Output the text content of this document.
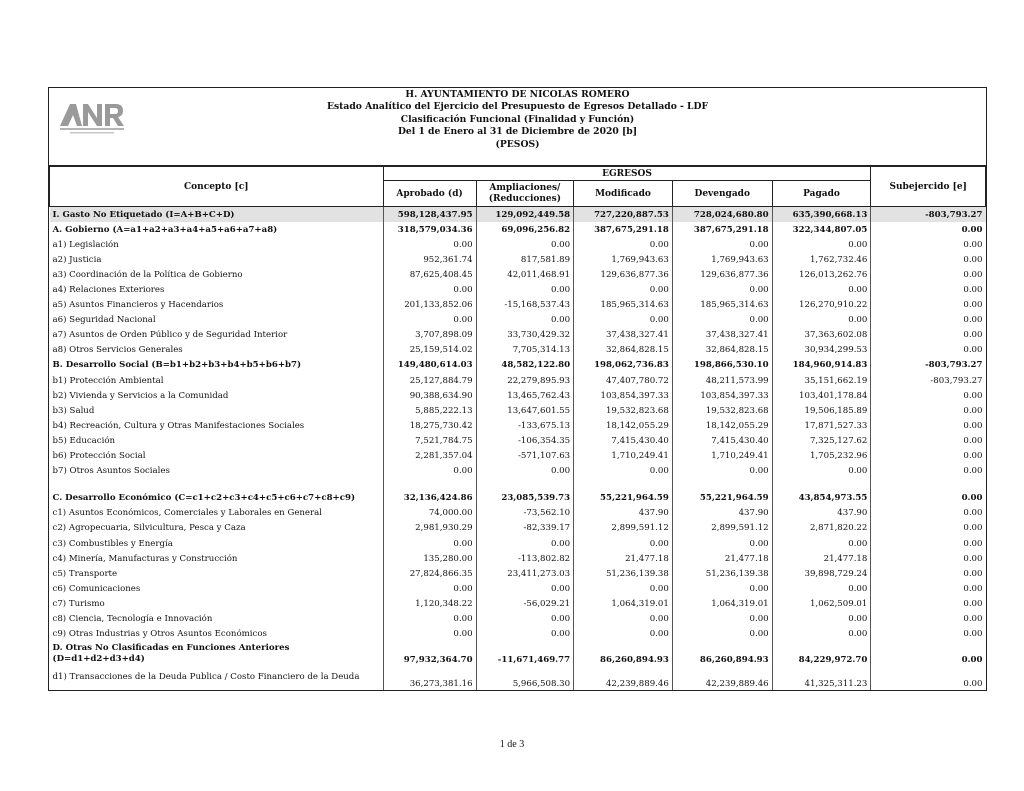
H. AYUNTAMIENTO DE NICOLAS ROMERO
Estado Analítico del Ejercicio del Presupuesto de Egresos Detallado - LDF
Clasificación Funcional (Finalidad y Función)
Del 1 de Enero al 31 de Diciembre de 2020 [b]
(PESOS)
Concepto [c]	EGRESOS					Subejercido [e]
	Aprobado (d)	Ampliaciones/ (Reducciones)	Modificado	Devengado	Pagado	
I. Gasto No Etiquetado (I=A+B+C+D)	598,128,437.95	129,092,449.58	727,220,887.53	728,024,680.80	635,390,668.13	-803,793.27
A. Gobierno (A=a1+a2+a3+a4+a5+a6+a7+a8)	318,579,034.36	69,096,256.82	387,675,291.18	387,675,291.18	322,344,807.05	0.00
a1) Legislación	0.00	0.00	0.00	0.00	0.00	0.00
a2) Justicia	952,361.74	817,581.89	1,769,943.63	1,769,943.63	1,762,732.46	0.00
a3) Coordinación de la Política de Gobierno	87,625,408.45	42,011,468.91	129,636,877.36	129,636,877.36	126,013,262.76	0.00
a4) Relaciones Exteriores	0.00	0.00	0.00	0.00	0.00	0.00
a5) Asuntos Financieros y Hacendarios	201,133,852.06	-15,168,537.43	185,965,314.63	185,965,314.63	126,270,910.22	0.00
a6) Seguridad Nacional	0.00	0.00	0.00	0.00	0.00	0.00
a7) Asuntos de Orden Público y de Seguridad Interior	3,707,898.09	33,730,429.32	37,438,327.41	37,438,327.41	37,363,602.08	0.00
a8) Otros Servicios Generales	25,159,514.02	7,705,314.13	32,864,828.15	32,864,828.15	30,934,299.53	0.00
B. Desarrollo Social (B=b1+b2+b3+b4+b5+b6+b7)	149,480,614.03	48,582,122.80	198,062,736.83	198,866,530.10	184,960,914.83	-803,793.27
b1) Protección Ambiental	25,127,884.79	22,279,895.93	47,407,780.72	48,211,573.99	35,151,662.19	-803,793.27
b2) Vivienda y Servicios a la Comunidad	90,388,634.90	13,465,762.43	103,854,397.33	103,854,397.33	103,401,178.84	0.00
b3) Salud	5,885,222.13	13,647,601.55	19,532,823.68	19,532,823.68	19,506,185.89	0.00
b4) Recreación, Cultura y Otras Manifestaciones Sociales	18,275,730.42	-133,675.13	18,142,055.29	18,142,055.29	17,871,527.33	0.00
b5) Educación	7,521,784.75	-106,354.35	7,415,430.40	7,415,430.40	7,325,127.62	0.00
b6) Protección Social	2,281,357.04	-571,107.63	1,710,249.41	1,710,249.41	1,705,232.96	0.00
b7) Otros Asuntos Sociales	0.00	0.00	0.00	0.00	0.00	0.00

C. Desarrollo Económico (C=c1+c2+c3+c4+c5+c6+c7+c8+c9)	32,136,424.86	23,085,539.73	55,221,964.59	55,221,964.59	43,854,973.55	0.00
c1) Asuntos Económicos, Comerciales y Laborales en General	74,000.00	-73,562.10	437.90	437.90	437.90	0.00
c2) Agropecuaria, Silvicultura, Pesca y Caza	2,981,930.29	-82,339.17	2,899,591.12	2,899,591.12	2,871,820.22	0.00
c3) Combustibles y Energía	0.00	0.00	0.00	0.00	0.00	0.00
c4) Minería, Manufacturas y Construcción	135,280.00	-113,802.82	21,477.18	21,477.18	21,477.18	0.00
c5) Transporte	27,824,866.35	23,411,273.03	51,236,139.38	51,236,139.38	39,898,729.24	0.00
c6) Comunicaciones	0.00	0.00	0.00	0.00	0.00	0.00
c7) Turismo	1,120,348.22	-56,029.21	1,064,319.01	1,064,319.01	1,062,509.01	0.00
c8) Ciencia, Tecnología e Innovación	0.00	0.00	0.00	0.00	0.00	0.00
c9) Otras Industrias y Otros Asuntos Económicos	0.00	0.00	0.00	0.00	0.00	0.00
D. Otras No Clasificadas en Funciones Anteriores (D=d1+d2+d3+d4)	97,932,364.70	-11,671,469.77	86,260,894.93	86,260,894.93	84,229,972.70	0.00
d1) Transacciones de la Deuda Publica / Costo Financiero de la Deuda	36,273,381.16	5,966,508.30	42,239,889.46	42,239,889.46	41,325,311.23	0.00
1 de 3
